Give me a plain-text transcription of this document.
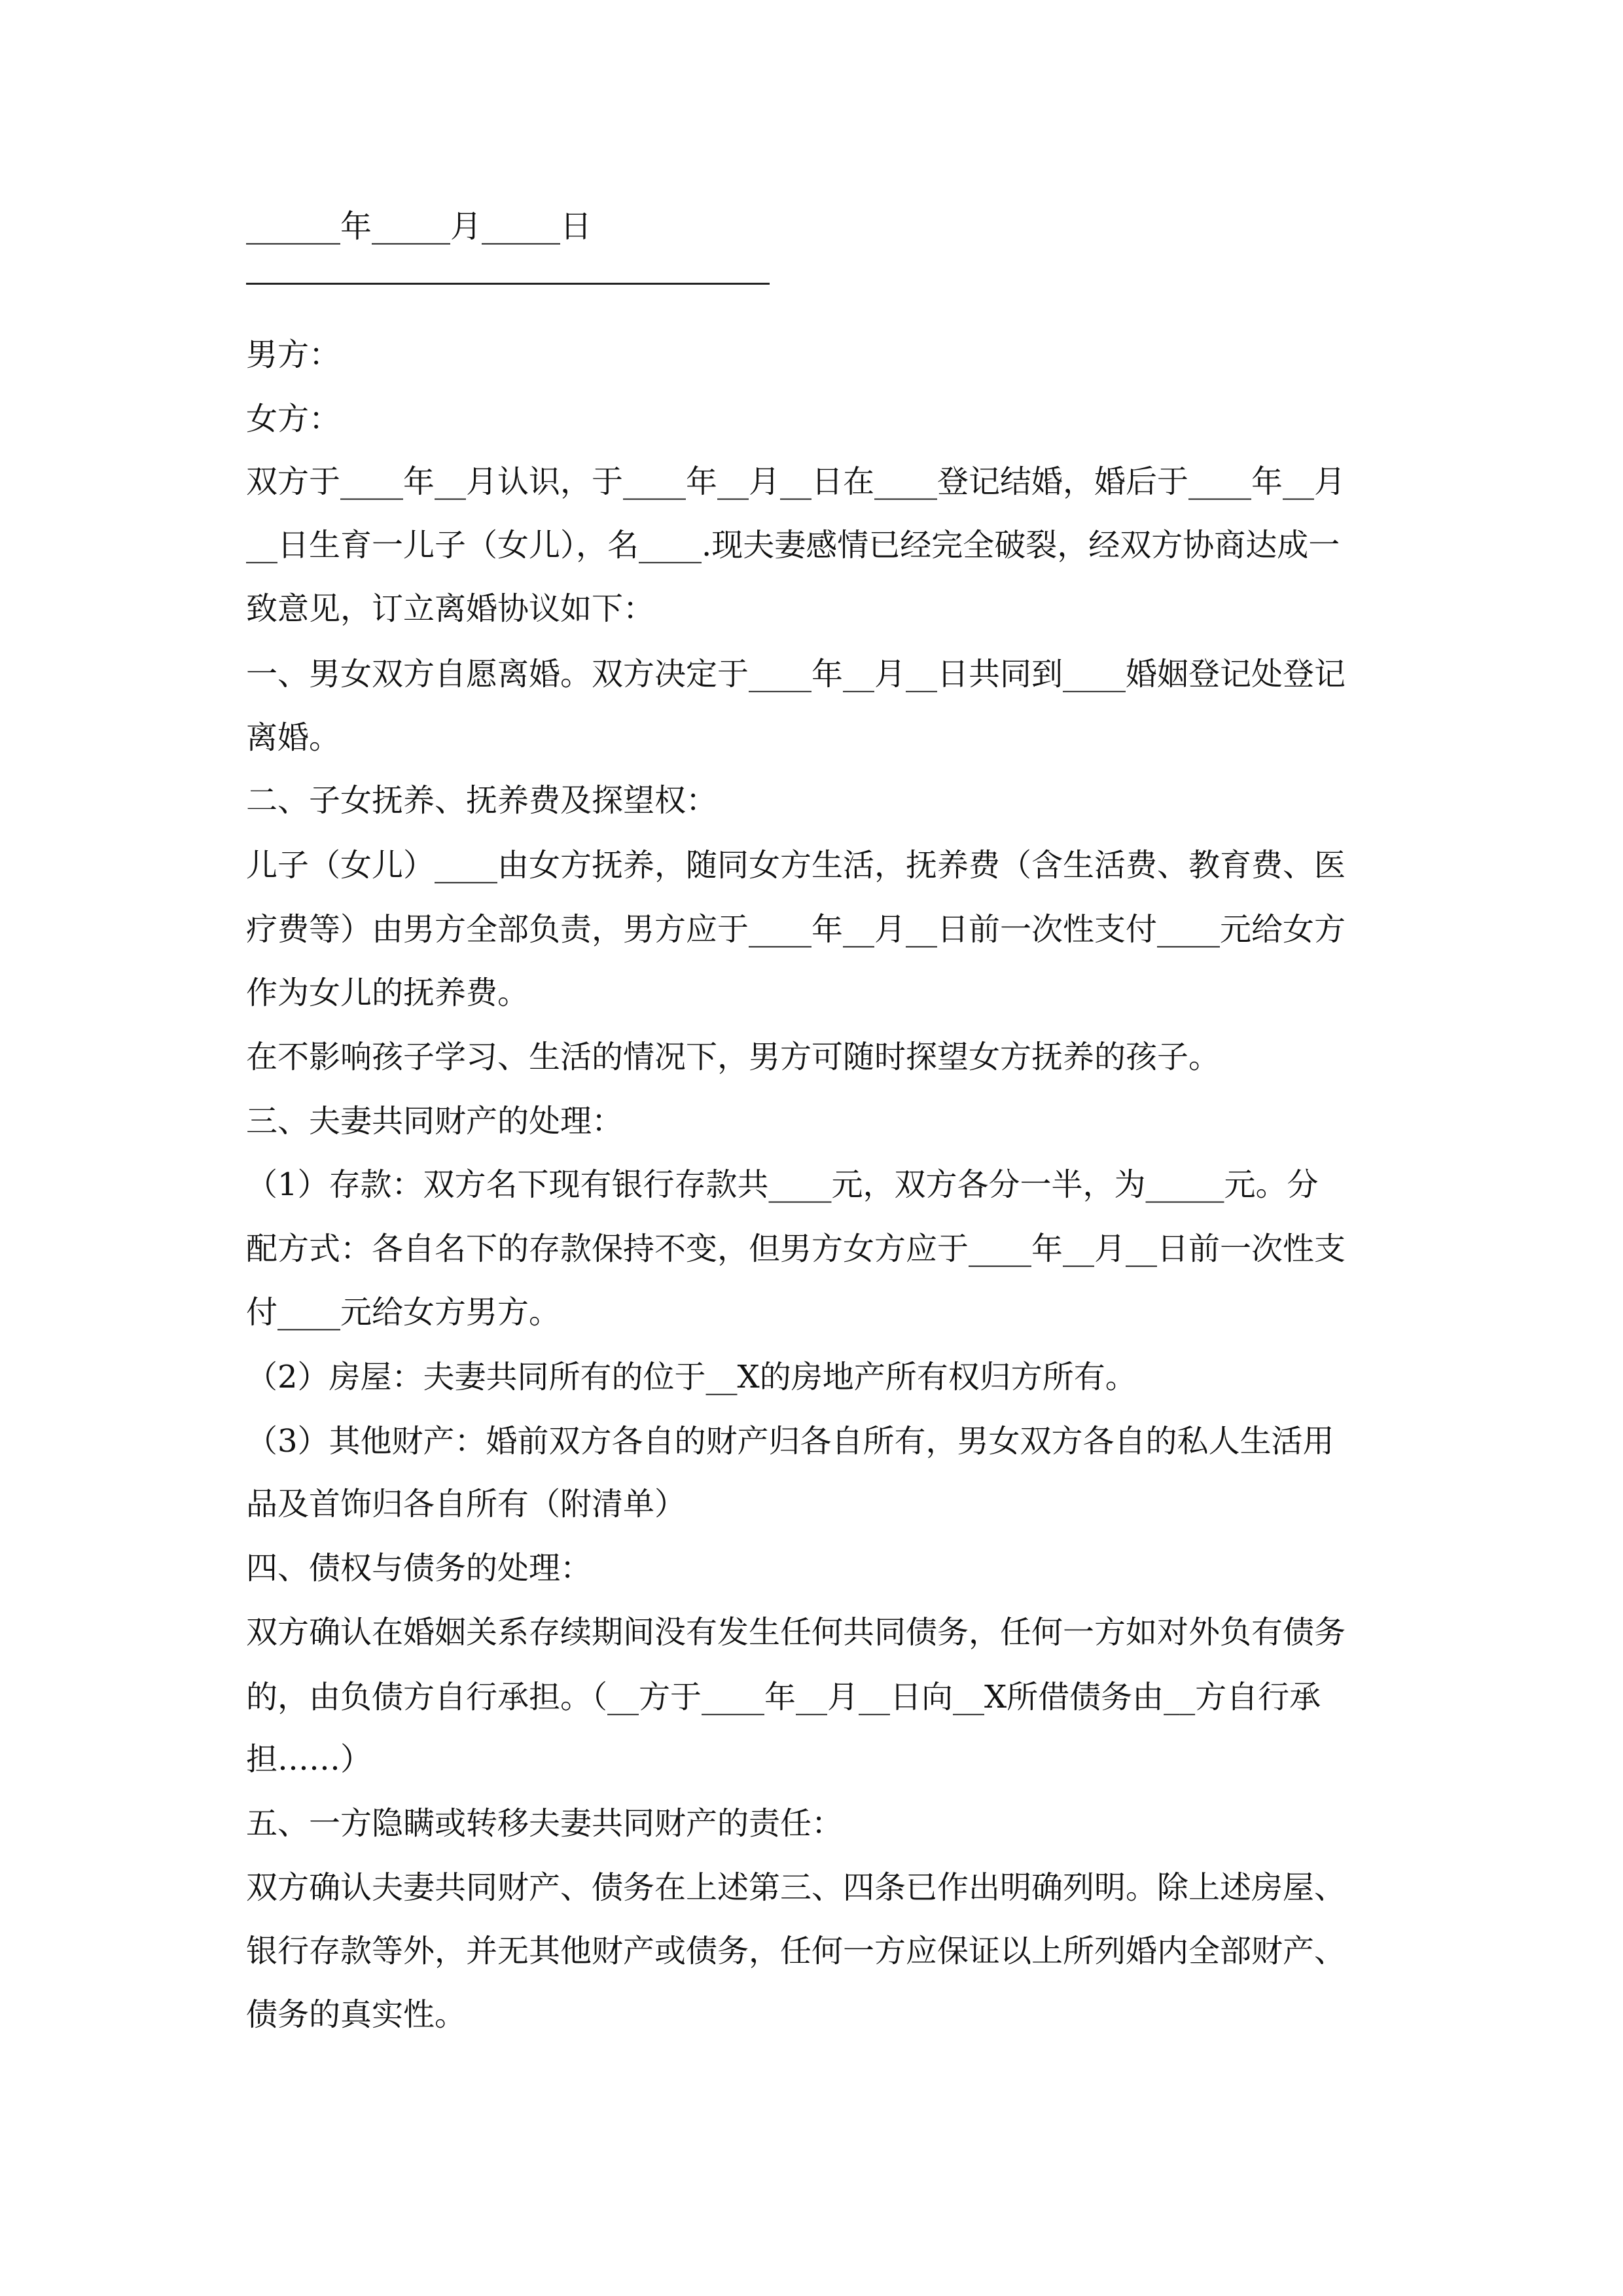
______年_____月_____日
男方：
女方：
双方于____年__月认识，于____年__月__日在____登记结婚，婚后于____年__月
__日生育一儿子（女儿），名____.现夫妻感情已经完全破裂，经双方协商达成一
致意见，订立离婚协议如下：
一、男女双方自愿离婚。双方决定于____年__月__日共同到____婚姻登记处登记
离婚。
二、子女抚养、抚养费及探望权：
儿子（女儿）____由女方抚养，随同女方生活，抚养费（含生活费、教育费、医
疗费等）由男方全部负责，男方应于____年__月__日前一次性支付____元给女方
作为女儿的抚养费。
在不影响孩子学习、生活的情况下，男方可随时探望女方抚养的孩子。
三、夫妻共同财产的处理：
（1）存款：双方名下现有银行存款共____元，双方各分一半，为_____元。分
配方式：各自名下的存款保持不变，但男方女方应于____年__月__日前一次性支
付____元给女方男方。
（2）房屋：夫妻共同所有的位于__X的房地产所有权归方所有。
（3）其他财产：婚前双方各自的财产归各自所有，男女双方各自的私人生活用
品及首饰归各自所有（附清单）
四、债权与债务的处理：
双方确认在婚姻关系存续期间没有发生任何共同债务，任何一方如对外负有债务
的，由负债方自行承担。（__方于____年__月__日向__X所借债务由__方自行承
担……）
五、一方隐瞒或转移夫妻共同财产的责任：
双方确认夫妻共同财产、债务在上述第三、四条已作出明确列明。除上述房屋、
银行存款等外，并无其他财产或债务，任何一方应保证以上所列婚内全部财产、
债务的真实性。
